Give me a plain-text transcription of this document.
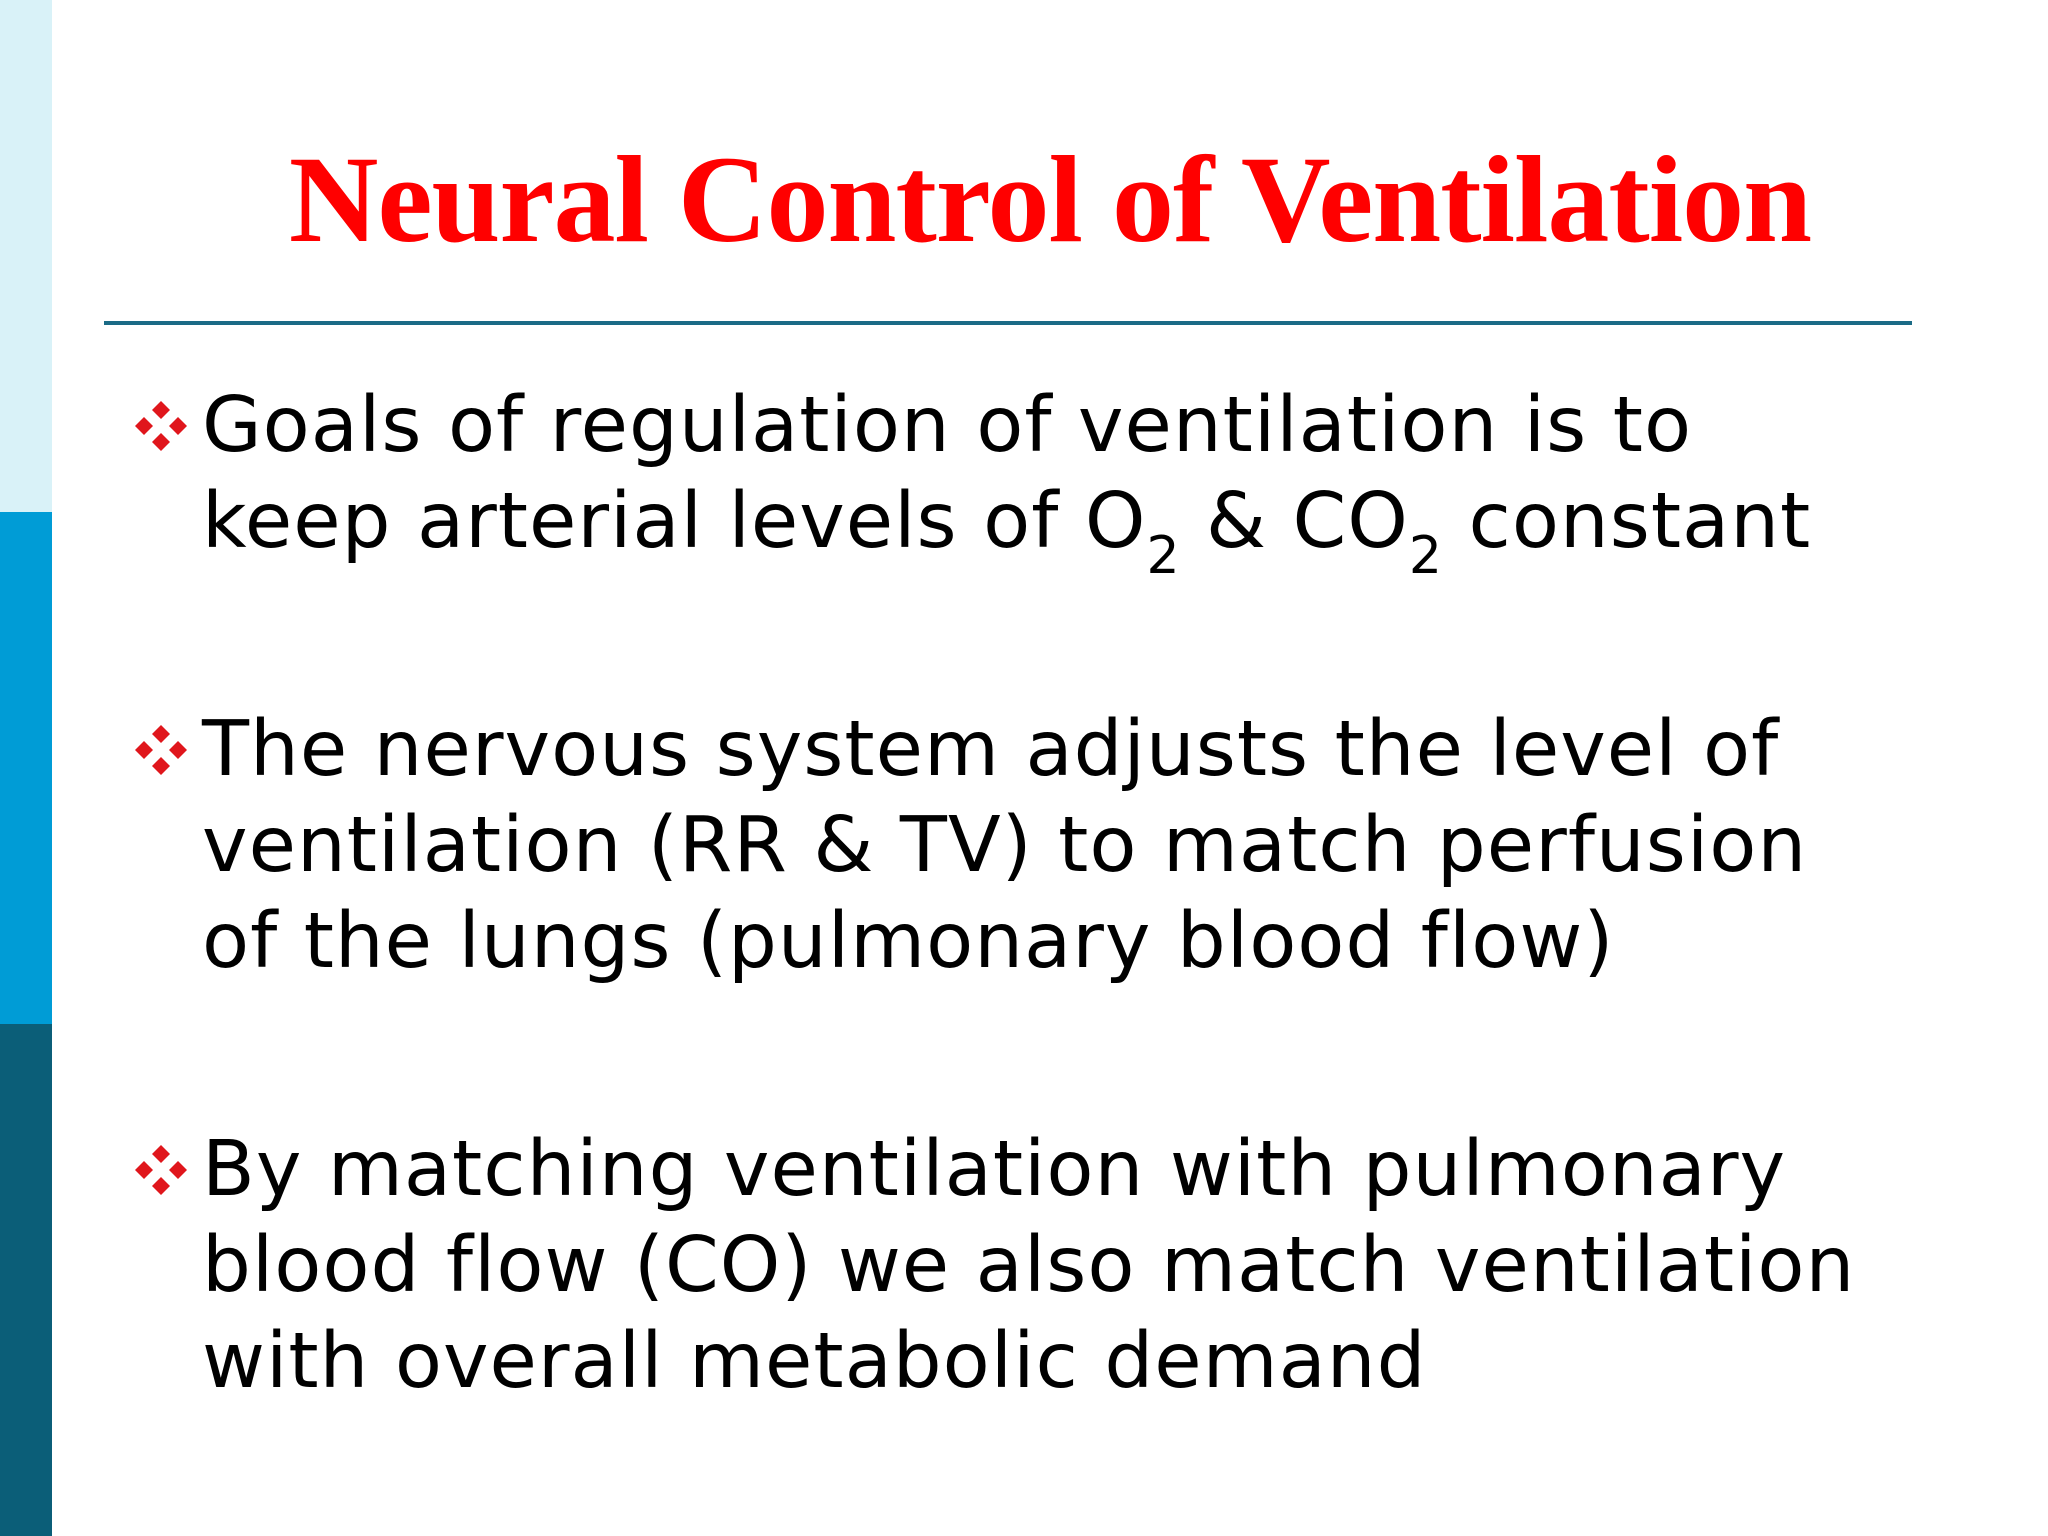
Neural Control of Ventilation
Goals of regulation of ventilation is to
keep arterial levels of $O_2$ & $CO_2$ constant
The nervous system adjusts the level of
ventilation (RR & TV) to match perfusion
of the lungs (pulmonary blood flow)
By matching ventilation with pulmonary
blood flow (CO) we also match ventilation
with overall metabolic demand
